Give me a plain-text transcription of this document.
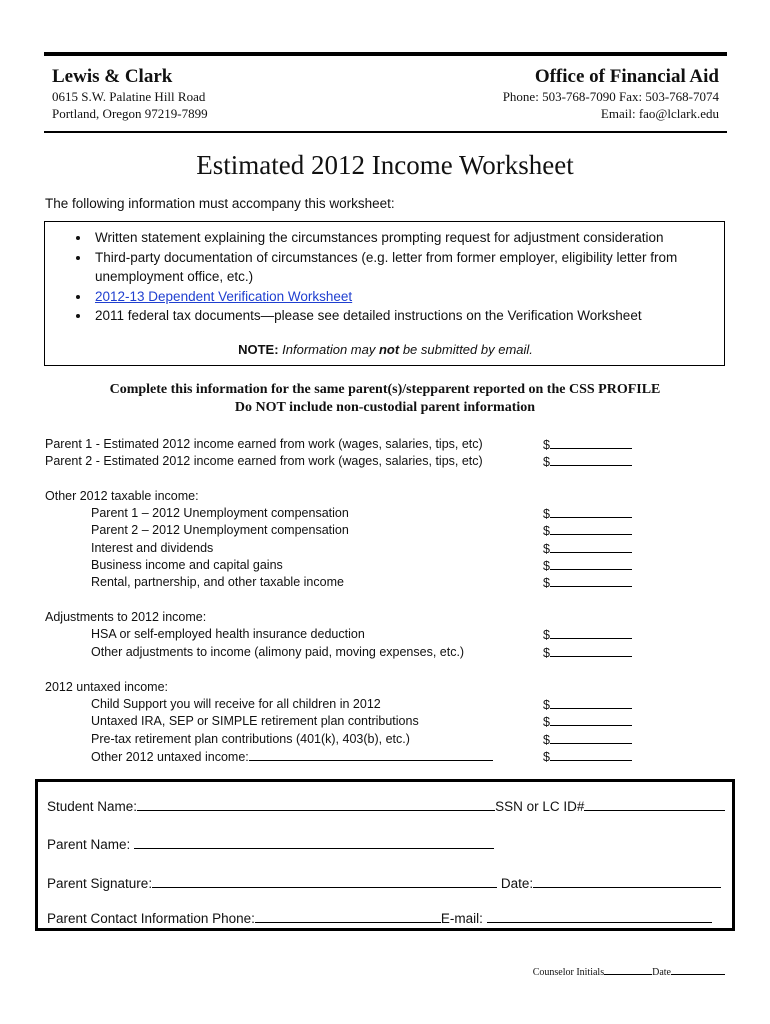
Lewis & Clark
0615 S.W. Palatine Hill Road
Portland, Oregon 97219-7899
Office of Financial Aid
Phone: 503-768-7090 Fax: 503-768-7074
Email: fao@lclark.edu
Estimated 2012 Income Worksheet
The following information must accompany this worksheet:
• Written statement explaining the circumstances prompting request for adjustment consideration
• Third-party documentation of circumstances (e.g. letter from former employer, eligibility letter from unemployment office, etc.)
• 2012-13 Dependent Verification Worksheet
• 2011 federal tax documents—please see detailed instructions on the Verification Worksheet
NOTE: Information may not be submitted by email.
Complete this information for the same parent(s)/stepparent reported on the CSS PROFILE
Do NOT include non-custodial parent information
Parent 1 - Estimated 2012 income earned from work (wages, salaries, tips, etc)	$
Parent 2 - Estimated 2012 income earned from work (wages, salaries, tips, etc)	$
Other 2012 taxable income:
Parent 1 – 2012 Unemployment compensation	$
Parent 2 – 2012 Unemployment compensation	$
Interest and dividends	$
Business income and capital gains	$
Rental, partnership, and other taxable income	$
Adjustments to 2012 income:
HSA or self-employed health insurance deduction	$
Other adjustments to income (alimony paid, moving expenses, etc.)	$
2012 untaxed income:
Child Support you will receive for all children in 2012	$
Untaxed IRA, SEP or SIMPLE retirement plan contributions	$
Pre-tax retirement plan contributions (401(k), 403(b), etc.)	$
Other 2012 untaxed income:	$
Student Name:	SSN or LC ID#
Parent Name:
Parent Signature:	Date:
Parent Contact Information Phone:	E-mail:
Counselor Initials	Date
